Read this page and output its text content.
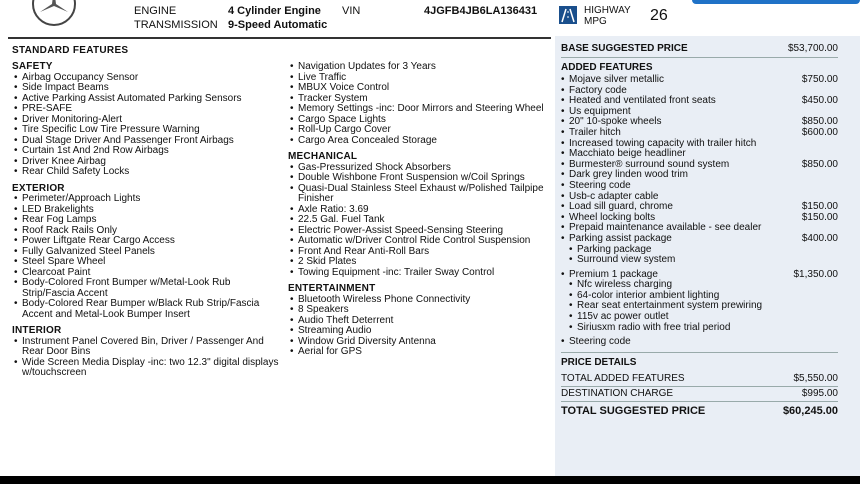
ENGINE	4 Cylinder Engine
TRANSMISSION 9-Speed Automatic
VIN	4JGFB4JB6LA136431	HIGHWAY
MPG	26
STANDARD FEATURES
SAFETY
• Airbag Occupancy Sensor
• Side Impact Beams
• Active Parking Assist Automated Parking Sensors
• PRE-SAFE
• Driver Monitoring-Alert
• Tire Specific Low Tire Pressure Warning
• Dual Stage Driver And Passenger Front Airbags
• Curtain 1st And 2nd Row Airbags
• Driver Knee Airbag
• Rear Child Safety Locks
EXTERIOR
• Perimeter/Approach Lights
• LED Brakelights
• Rear Fog Lamps
• Roof Rack Rails Only
• Power Liftgate Rear Cargo Access
• Fully Galvanized Steel Panels
• Steel Spare Wheel
• Clearcoat Paint
• Body-Colored Front Bumper w/Metal-Look Rub Strip/Fascia Accent
• Body-Colored Rear Bumper w/Black Rub Strip/Fascia Accent and Metal-Look Bumper Insert
INTERIOR
• Instrument Panel Covered Bin, Driver / Passenger And Rear Door Bins
• Wide Screen Media Display -inc: two 12.3" digital displays w/touchscreen
• Navigation Updates for 3 Years
• Live Traffic
• MBUX Voice Control
• Tracker System
• Memory Settings -inc: Door Mirrors and Steering Wheel
• Cargo Space Lights
• Roll-Up Cargo Cover
• Cargo Area Concealed Storage
MECHANICAL
• Gas-Pressurized Shock Absorbers
• Double Wishbone Front Suspension w/Coil Springs
• Quasi-Dual Stainless Steel Exhaust w/Polished Tailpipe Finisher
• Axle Ratio: 3.69
• 22.5 Gal. Fuel Tank
• Electric Power-Assist Speed-Sensing Steering
• Automatic w/Driver Control Ride Control Suspension
• Front And Rear Anti-Roll Bars
• 2 Skid Plates
• Towing Equipment -inc: Trailer Sway Control
ENTERTAINMENT
• Bluetooth Wireless Phone Connectivity
• 8 Speakers
• Audio Theft Deterrent
• Streaming Audio
• Window Grid Diversity Antenna
• Aerial for GPS
BASE SUGGESTED PRICE	$53,700.00
ADDED FEATURES
• Mojave silver metallic	$750.00
• Factory code
• Heated and ventilated front seats	$450.00
• Us equipment
• 20" 10-spoke wheels	$850.00
• Trailer hitch	$600.00
• Increased towing capacity with trailer hitch
• Macchiato beige headliner
• Burmester® surround sound system	$850.00
• Dark grey linden wood trim
• Steering code
• Usb-c adapter cable
• Load sill guard, chrome	$150.00
• Wheel locking bolts	$150.00
• Prepaid maintenance available - see dealer
• Parking assist package	$400.00
• Parking package
• Surround view system
• Premium 1 package	$1,350.00
• Nfc wireless charging
• 64-color interior ambient lighting
• Rear seat entertainment system prewiring
• 115v ac power outlet
• Siriusxm radio with free trial period
• Steering code
PRICE DETAILS
TOTAL ADDED FEATURES	$5,550.00
DESTINATION CHARGE	$995.00
TOTAL SUGGESTED PRICE	$60,245.00
